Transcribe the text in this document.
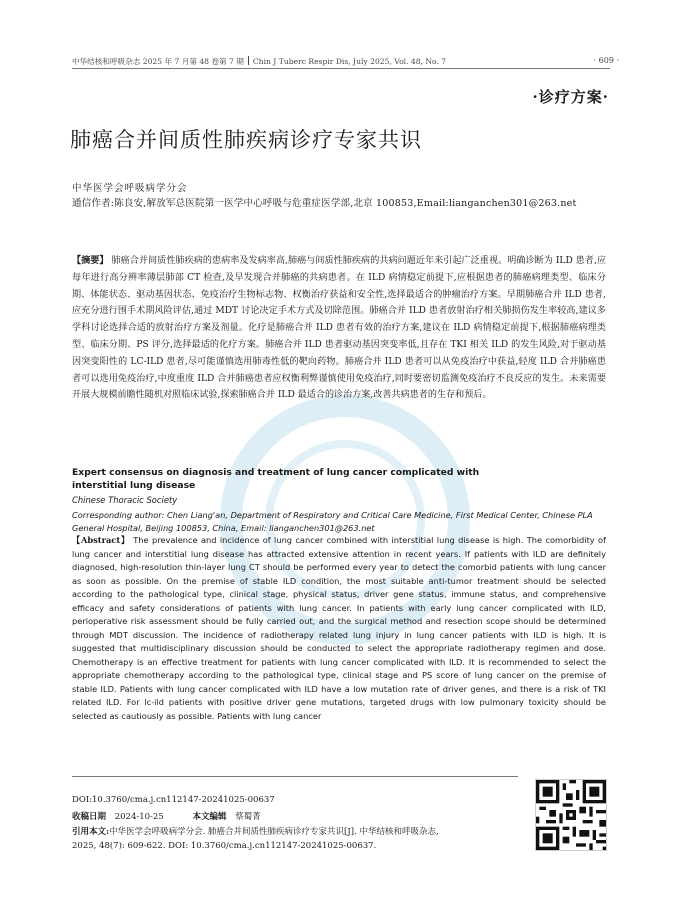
中华结核和呼吸杂志 2025 年 7 月第 48 卷第 7 期 Chin J Tuberc Respir Dis, July 2025, Vol. 48, No. 7	· 609 ·
·诊疗方案·
肺癌合并间质性肺疾病诊疗专家共识
中华医学会呼吸病学分会
通信作者:陈良安,解放军总医院第一医学中心呼吸与危重症医学部,北京 100853,Email:lianganchen301@263.net
【摘要】 肺癌合并间质性肺疾病的患病率及发病率高,肺癌与间质性肺疾病的共病问题近年来引起广泛重视。明确诊断为 ILD 患者,应每年进行高分辨率薄层肺部 CT 检查,及早发现合并肺癌的共病患者。在 ILD 病情稳定前提下,应根据患者的肺癌病理类型、临床分期、体能状态、驱动基因状态、免疫治疗生物标志物、权衡治疗获益和安全性,选择最适合的肿瘤治疗方案。早期肺癌合并 ILD 患者,应充分进行围手术期风险评估,通过 MDT 讨论决定手术方式及切除范围。肺癌合并 ILD 患者放射治疗相关肺损伤发生率较高,建议多学科讨论选择合适的放射治疗方案及剂量。化疗是肺癌合并 ILD 患者有效的治疗方案,建议在 ILD 病情稳定前提下,根据肺癌病理类型、临床分期、PS 评分,选择最适的化疗方案。肺癌合并 ILD 患者驱动基因突变率低,且存在 TKI 相关 ILD 的发生风险,对于驱动基因突变阳性的 LC-ILD 患者,尽可能谨慎选用肺毒性低的靶向药物。肺癌合并 ILD 患者可以从免疫治疗中获益,轻度 ILD 合并肺癌患者可以选用免疫治疗,中度重度 ILD 合并肺癌患者应权衡利弊谨慎使用免疫治疗,同时要密切监测免疫治疗不良反应的发生。未来需要开展大规模前瞻性随机对照临床试验,探索肺癌合并 ILD 最适合的诊治方案,改善共病患者的生存和预后。
Expert consensus on diagnosis and treatment of lung cancer complicated with interstitial lung disease
Chinese Thoracic Society
Corresponding author: Chen Liang'an, Department of Respiratory and Critical Care Medicine, First Medical Center, Chinese PLA General Hospital, Beijing 100853, China, Email: lianganchen301@263.net
【Abstract】 The prevalence and incidence of lung cancer combined with interstitial lung disease is high. The comorbidity of lung cancer and interstitial lung disease has attracted extensive attention in recent years. If patients with ILD are definitely diagnosed, high-resolution thin-layer lung CT should be performed every year to detect the comorbid patients with lung cancer as soon as possible. On the premise of stable ILD condition, the most suitable anti-tumor treatment should be selected according to the pathological type, clinical stage, physical status, driver gene status, immune status, and comprehensive efficacy and safety considerations of patients with lung cancer. In patients with early lung cancer complicated with ILD, perioperative risk assessment should be fully carried out, and the surgical method and resection scope should be determined through MDT discussion. The incidence of radiotherapy related lung injury in lung cancer patients with ILD is high. It is suggested that multidisciplinary discussion should be conducted to select the appropriate radiotherapy regimen and dose. Chemotherapy is an effective treatment for patients with lung cancer complicated with ILD. It is recommended to select the appropriate chemotherapy according to the pathological type, clinical stage and PS score of lung cancer on the premise of stable ILD. Patients with lung cancer complicated with ILD have a low mutation rate of driver genes, and there is a risk of TKI related ILD. For lc-ild patients with positive driver gene mutations, targeted drugs with low pulmonary toxicity should be selected as cautiously as possible. Patients with lung cancer
DOI:10.3760/cma.j.cn112147-20241025-00637
收稿日期 2024-10-25	本文编辑 蔡蜀菁
引用本文:中华医学会呼吸病学分会. 肺癌合并间质性肺疾病诊疗专家共识[J]. 中华结核和呼吸杂志,
2025, 48(7): 609-622. DOI: 10.3760/cma.j.cn112147-20241025-00637.
